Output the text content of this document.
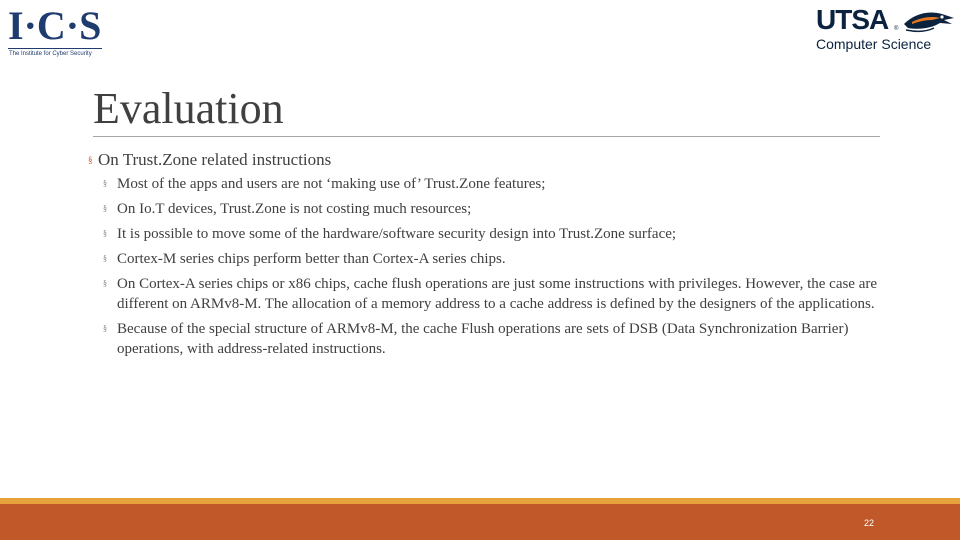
I·C·S
The Institute for Cyber Security
UTSA ®
Computer Science
Evaluation
§ On Trust.Zone related instructions
§ Most of the apps and users are not ‘making use of’ Trust.Zone features;
§ On Io.T devices, Trust.Zone is not costing much resources;
§ It is possible to move some of the hardware/software security design into Trust.Zone surface;
§ Cortex-M series chips perform better than Cortex-A series chips.
§ On Cortex-A series chips or x86 chips, cache flush operations are just some instructions with privileges. However, the case are different on ARMv8-M. The allocation of a memory address to a cache address is defined by the designers of the applications.
§ Because of the special structure of ARMv8-M, the cache Flush operations are sets of DSB (Data Synchronization Barrier) operations, with address-related instructions.
22
